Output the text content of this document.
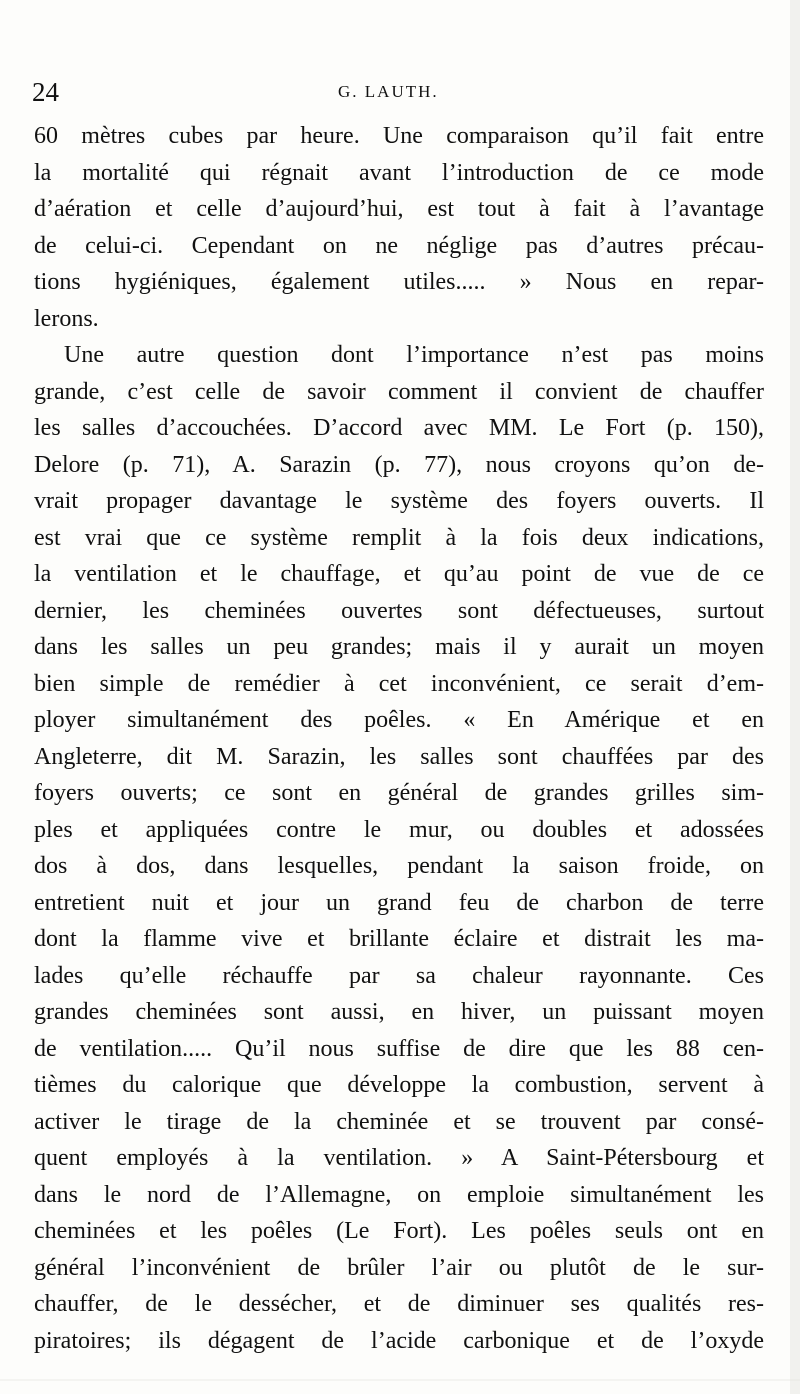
24	G. LAUTH.
60 mètres cubes par heure. Une comparaison qu’il fait entre
la mortalité qui régnait avant l’introduction de ce mode
d’aération et celle d’aujourd’hui, est tout à fait à l’avantage
de celui-ci. Cependant on ne néglige pas d’autres précau-
tions hygiéniques, également utiles..... » Nous en repar-
lerons.
Une autre question dont l’importance n’est pas moins
grande, c’est celle de savoir comment il convient de chauffer
les salles d’accouchées. D’accord avec MM. Le Fort (p. 150),
Delore (p. 71), A. Sarazin (p. 77), nous croyons qu’on de-
vrait propager davantage le système des foyers ouverts. Il
est vrai que ce système remplit à la fois deux indications,
la ventilation et le chauffage, et qu’au point de vue de ce
dernier, les cheminées ouvertes sont défectueuses, surtout
dans les salles un peu grandes; mais il y aurait un moyen
bien simple de remédier à cet inconvénient, ce serait d’em-
ployer simultanément des poêles. « En Amérique et en
Angleterre, dit M. Sarazin, les salles sont chauffées par des
foyers ouverts; ce sont en général de grandes grilles sim-
ples et appliquées contre le mur, ou doubles et adossées
dos à dos, dans lesquelles, pendant la saison froide, on
entretient nuit et jour un grand feu de charbon de terre
dont la flamme vive et brillante éclaire et distrait les ma-
lades qu’elle réchauffe par sa chaleur rayonnante. Ces
grandes cheminées sont aussi, en hiver, un puissant moyen
de ventilation..... Qu’il nous suffise de dire que les 88 cen-
tièmes du calorique que développe la combustion, servent à
activer le tirage de la cheminée et se trouvent par consé-
quent employés à la ventilation. » A Saint-Pétersbourg et
dans le nord de l’Allemagne, on emploie simultanément les
cheminées et les poêles (Le Fort). Les poêles seuls ont en
général l’inconvénient de brûler l’air ou plutôt de le sur-
chauffer, de le dessécher, et de diminuer ses qualités res-
piratoires; ils dégagent de l’acide carbonique et de l’oxyde
